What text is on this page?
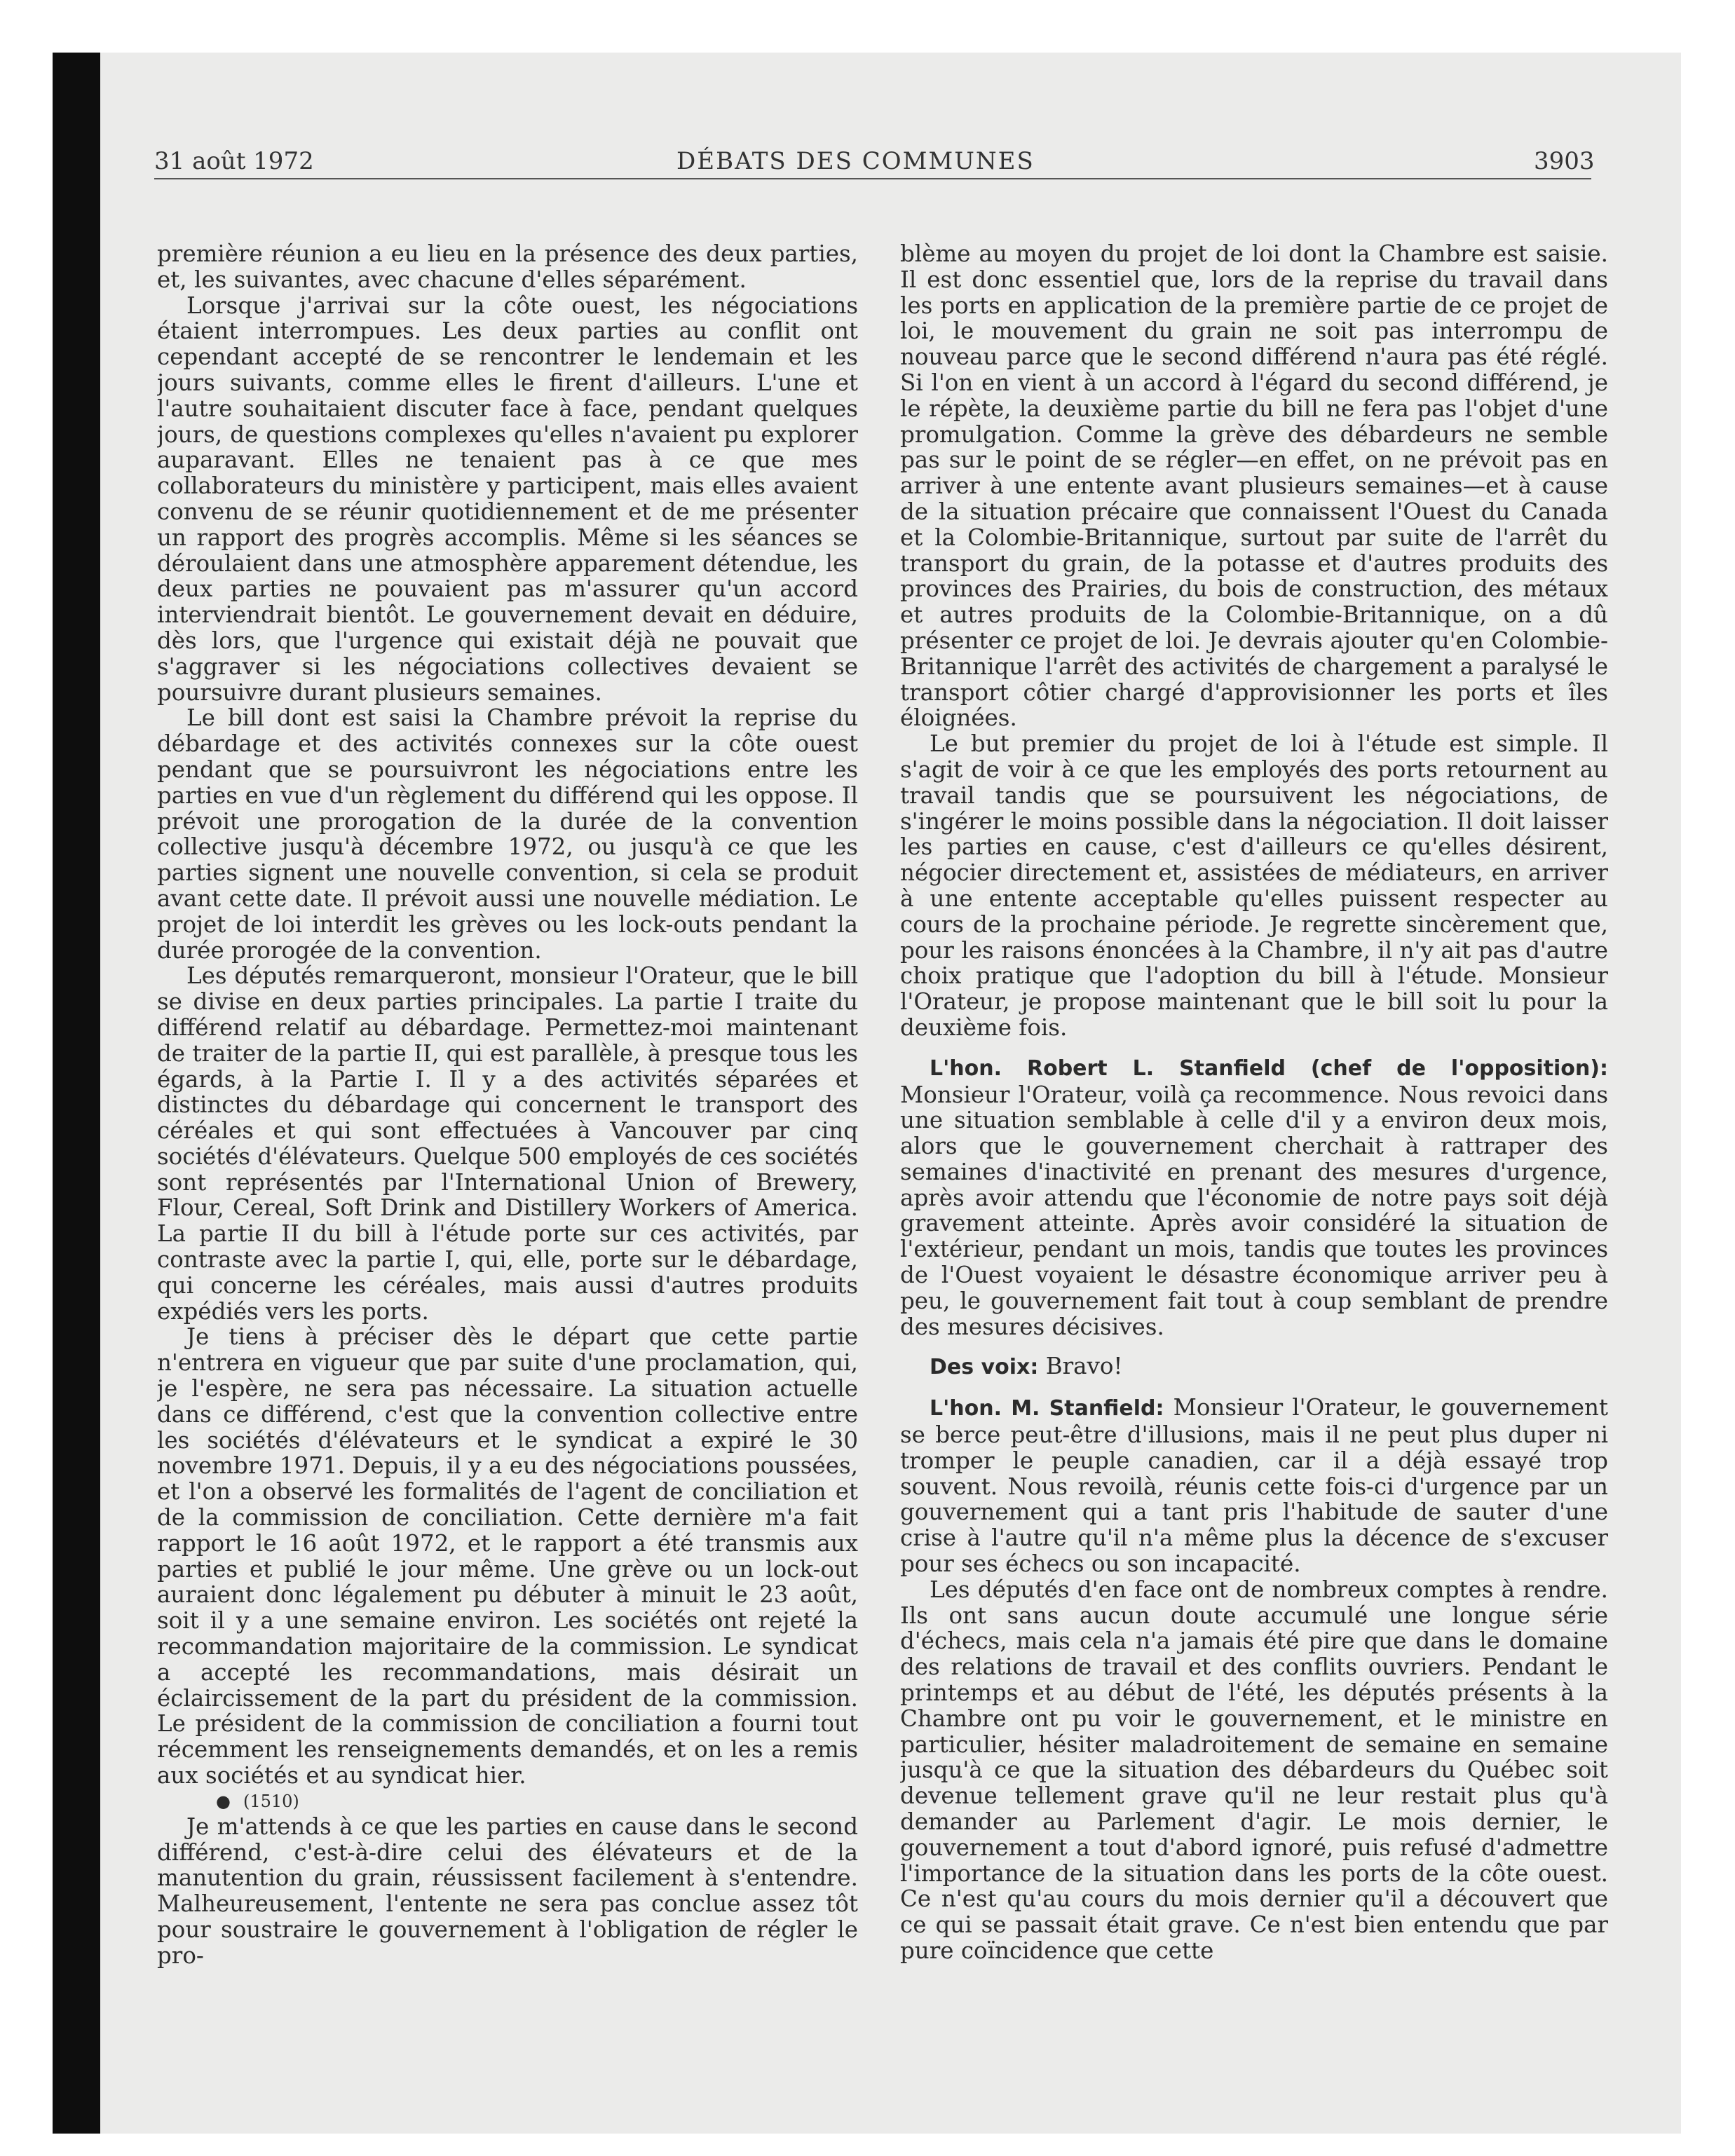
31 août 1972	DÉBATS DES COMMUNES	3903

première réunion a eu lieu en la présence des deux parties, et, les suivantes, avec chacune d'elles séparément.

Lorsque j'arrivai sur la côte ouest, les négociations étaient interrompues. Les deux parties au conflit ont cependant accepté de se rencontrer le lendemain et les jours suivants, comme elles le firent d'ailleurs. L'une et l'autre souhaitaient discuter face à face, pendant quelques jours, de questions complexes qu'elles n'avaient pu explorer auparavant. Elles ne tenaient pas à ce que mes collaborateurs du ministère y participent, mais elles avaient convenu de se réunir quotidiennement et de me présenter un rapport des progrès accomplis. Même si les séances se déroulaient dans une atmosphère apparement détendue, les deux parties ne pouvaient pas m'assurer qu'un accord interviendrait bientôt. Le gouvernement devait en déduire, dès lors, que l'urgence qui existait déjà ne pouvait que s'aggraver si les négociations collectives devaient se poursuivre durant plusieurs semaines.

Le bill dont est saisi la Chambre prévoit la reprise du débardage et des activités connexes sur la côte ouest pendant que se poursuivront les négociations entre les parties en vue d'un règlement du différend qui les oppose. Il prévoit une prorogation de la durée de la convention collective jusqu'à décembre 1972, ou jusqu'à ce que les parties signent une nouvelle convention, si cela se produit avant cette date. Il prévoit aussi une nouvelle médiation. Le projet de loi interdit les grèves ou les lock-outs pendant la durée prorogée de la convention.

Les députés remarqueront, monsieur l'Orateur, que le bill se divise en deux parties principales. La partie I traite du différend relatif au débardage. Permettez-moi maintenant de traiter de la partie II, qui est parallèle, à presque tous les égards, à la Partie I. Il y a des activités séparées et distinctes du débardage qui concernent le transport des céréales et qui sont effectuées à Vancouver par cinq sociétés d'élévateurs. Quelque 500 employés de ces sociétés sont représentés par l'International Union of Brewery, Flour, Cereal, Soft Drink and Distillery Workers of America. La partie II du bill à l'étude porte sur ces activités, par contraste avec la partie I, qui, elle, porte sur le débardage, qui concerne les céréales, mais aussi d'autres produits expédiés vers les ports.

Je tiens à préciser dès le départ que cette partie n'entrera en vigueur que par suite d'une proclamation, qui, je l'espère, ne sera pas nécessaire. La situation actuelle dans ce différend, c'est que la convention collective entre les sociétés d'élévateurs et le syndicat a expiré le 30 novembre 1971. Depuis, il y a eu des négociations poussées, et l'on a observé les formalités de l'agent de conciliation et de la commission de conciliation. Cette dernière m'a fait rapport le 16 août 1972, et le rapport a été transmis aux parties et publié le jour même. Une grève ou un lock-out auraient donc légalement pu débuter à minuit le 23 août, soit il y a une semaine environ. Les sociétés ont rejeté la recommandation majoritaire de la commission. Le syndicat a accepté les recommandations, mais désirait un éclaircissement de la part du président de la commission. Le président de la commission de conciliation a fourni tout récemment les renseignements demandés, et on les a remis aux sociétés et au syndicat hier.

● (1510)

Je m'attends à ce que les parties en cause dans le second différend, c'est-à-dire celui des élévateurs et de la manutention du grain, réussissent facilement à s'entendre. Malheureusement, l'entente ne sera pas conclue assez tôt pour soustraire le gouvernement à l'obligation de régler le pro-

blème au moyen du projet de loi dont la Chambre est saisie. Il est donc essentiel que, lors de la reprise du travail dans les ports en application de la première partie de ce projet de loi, le mouvement du grain ne soit pas interrompu de nouveau parce que le second différend n'aura pas été réglé. Si l'on en vient à un accord à l'égard du second différend, je le répète, la deuxième partie du bill ne fera pas l'objet d'une promulgation. Comme la grève des débardeurs ne semble pas sur le point de se régler—en effet, on ne prévoit pas en arriver à une entente avant plusieurs semaines—et à cause de la situation précaire que connaissent l'Ouest du Canada et la Colombie-Britannique, surtout par suite de l'arrêt du transport du grain, de la potasse et d'autres produits des provinces des Prairies, du bois de construction, des métaux et autres produits de la Colombie-Britannique, on a dû présenter ce projet de loi. Je devrais ajouter qu'en Colombie-Britannique l'arrêt des activités de chargement a paralysé le transport côtier chargé d'approvisionner les ports et îles éloignées.

Le but premier du projet de loi à l'étude est simple. Il s'agit de voir à ce que les employés des ports retournent au travail tandis que se poursuivent les négociations, de s'ingérer le moins possible dans la négociation. Il doit laisser les parties en cause, c'est d'ailleurs ce qu'elles désirent, négocier directement et, assistées de médiateurs, en arriver à une entente acceptable qu'elles puissent respecter au cours de la prochaine période. Je regrette sincèrement que, pour les raisons énoncées à la Chambre, il n'y ait pas d'autre choix pratique que l'adoption du bill à l'étude. Monsieur l'Orateur, je propose maintenant que le bill soit lu pour la deuxième fois.

L'hon. Robert L. Stanfield (chef de l'opposition): Monsieur l'Orateur, voilà ça recommence. Nous revoici dans une situation semblable à celle d'il y a environ deux mois, alors que le gouvernement cherchait à rattraper des semaines d'inactivité en prenant des mesures d'urgence, après avoir attendu que l'économie de notre pays soit déjà gravement atteinte. Après avoir considéré la situation de l'extérieur, pendant un mois, tandis que toutes les provinces de l'Ouest voyaient le désastre économique arriver peu à peu, le gouvernement fait tout à coup semblant de prendre des mesures décisives.

Des voix: Bravo!

L'hon. M. Stanfield: Monsieur l'Orateur, le gouvernement se berce peut-être d'illusions, mais il ne peut plus duper ni tromper le peuple canadien, car il a déjà essayé trop souvent. Nous revoilà, réunis cette fois-ci d'urgence par un gouvernement qui a tant pris l'habitude de sauter d'une crise à l'autre qu'il n'a même plus la décence de s'excuser pour ses échecs ou son incapacité.

Les députés d'en face ont de nombreux comptes à rendre. Ils ont sans aucun doute accumulé une longue série d'échecs, mais cela n'a jamais été pire que dans le domaine des relations de travail et des conflits ouvriers. Pendant le printemps et au début de l'été, les députés présents à la Chambre ont pu voir le gouvernement, et le ministre en particulier, hésiter maladroitement de semaine en semaine jusqu'à ce que la situation des débardeurs du Québec soit devenue tellement grave qu'il ne leur restait plus qu'à demander au Parlement d'agir. Le mois dernier, le gouvernement a tout d'abord ignoré, puis refusé d'admettre l'importance de la situation dans les ports de la côte ouest. Ce n'est qu'au cours du mois dernier qu'il a découvert que ce qui se passait était grave. Ce n'est bien entendu que par pure coïncidence que cette
